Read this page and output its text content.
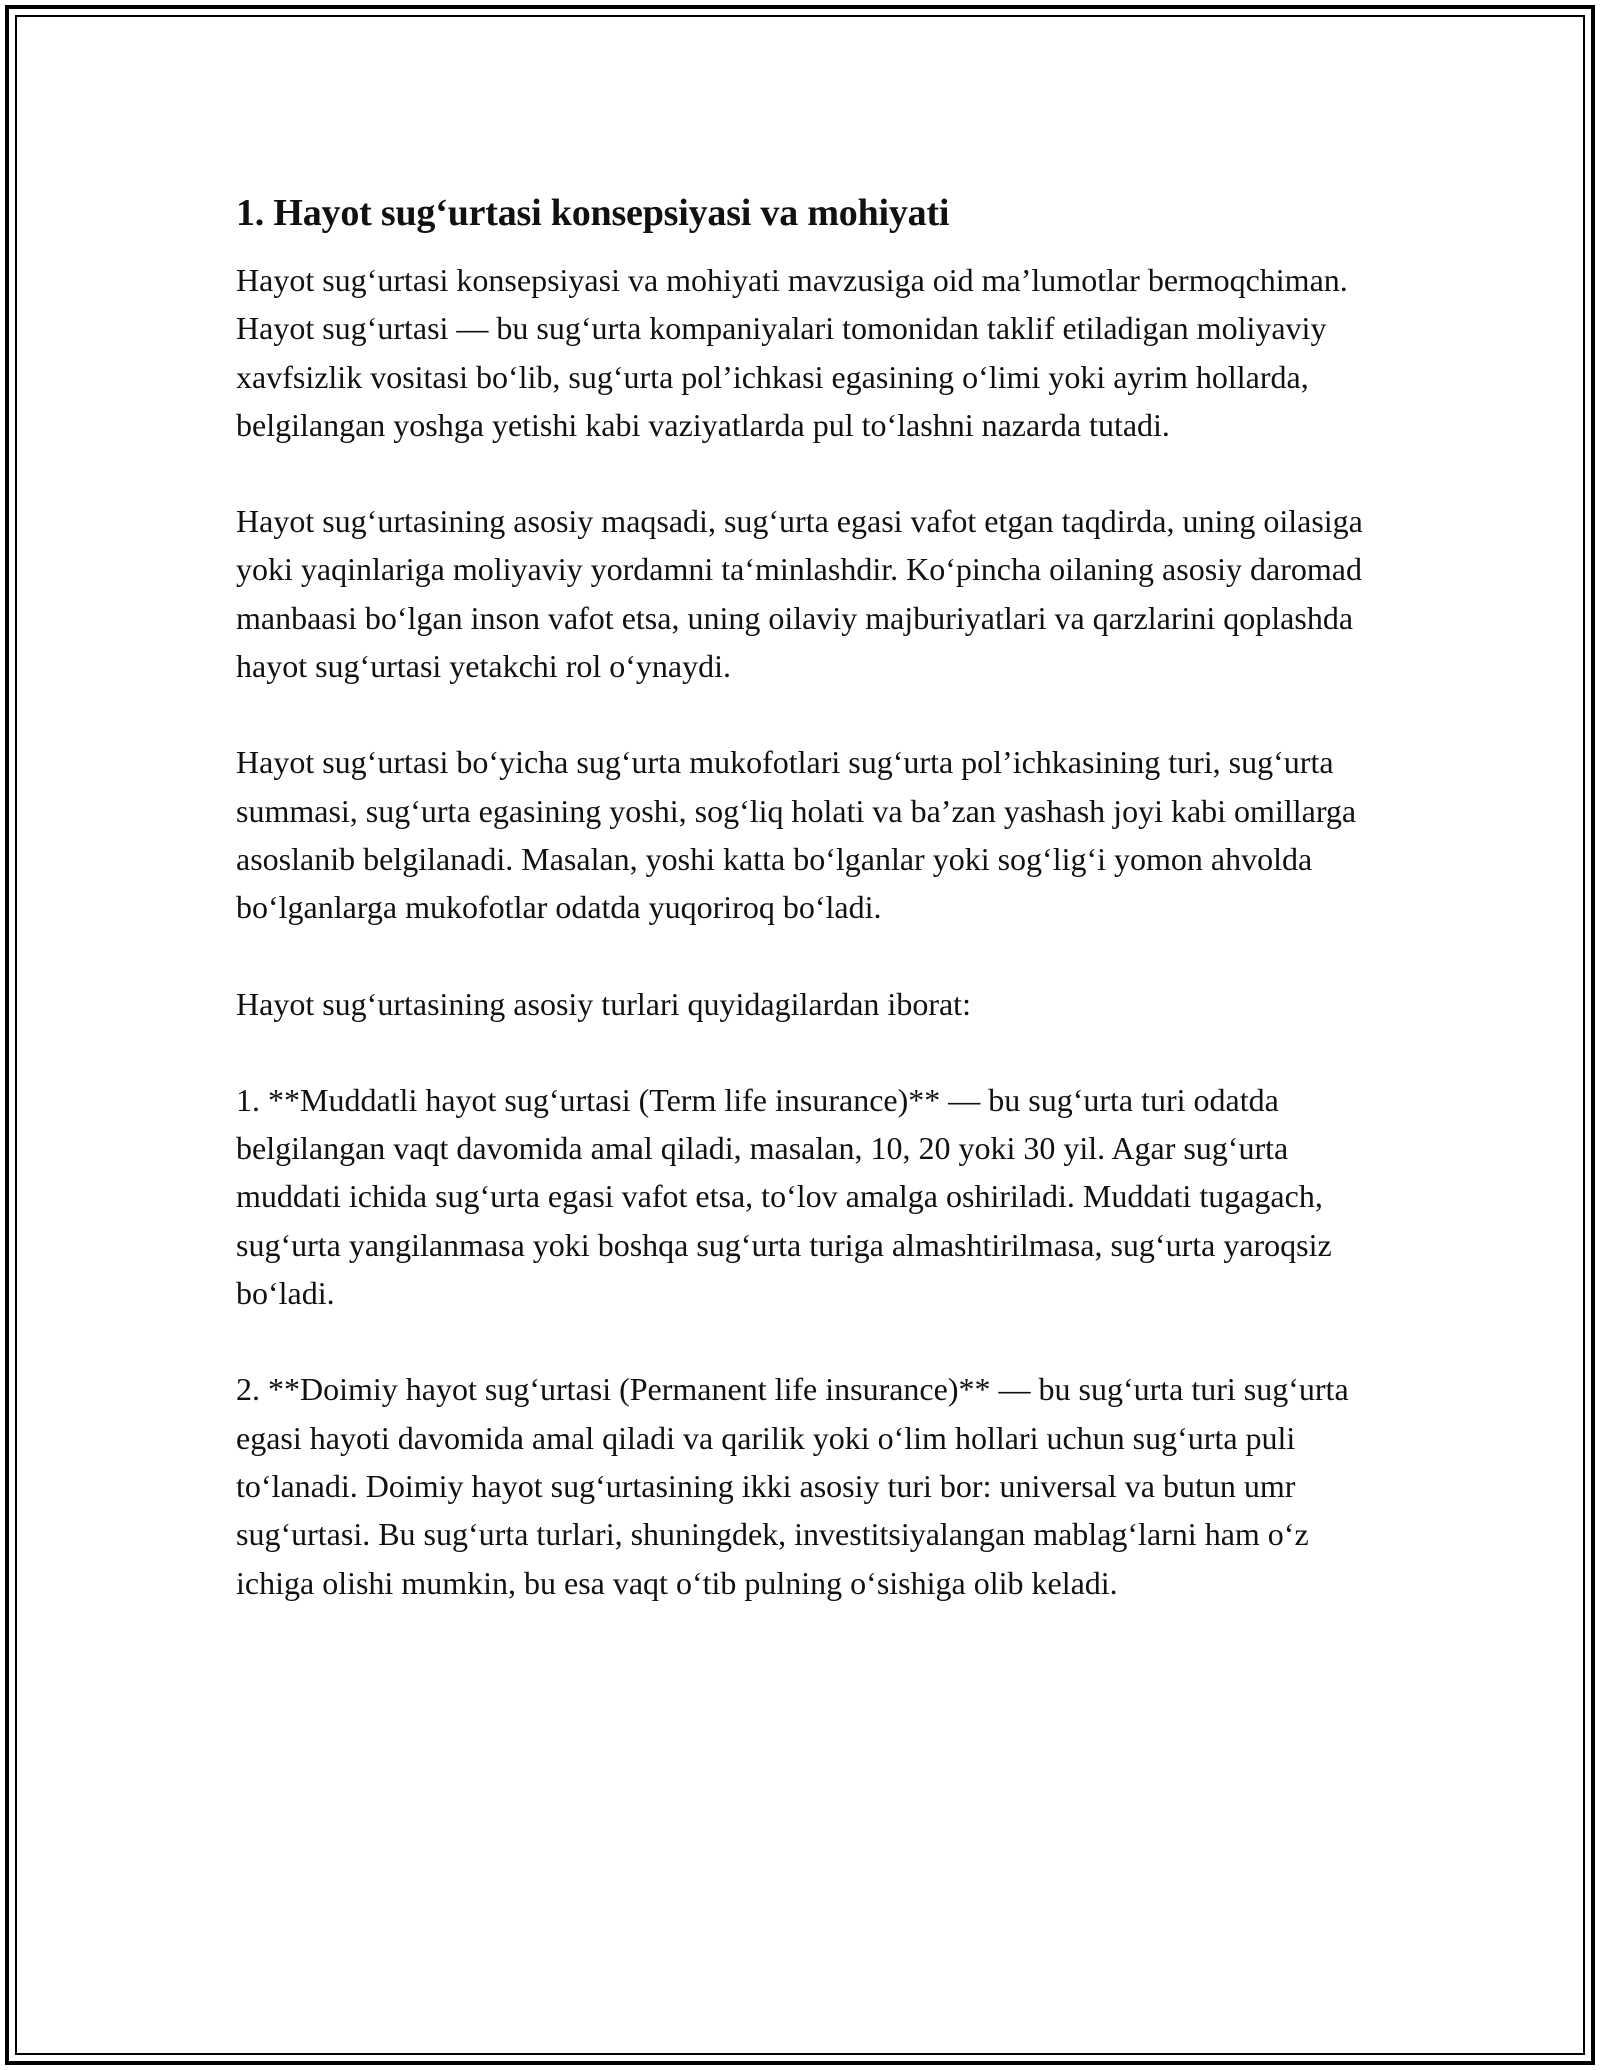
1. Hayot sug‘urtasi konsepsiyasi va mohiyati

Hayot sug‘urtasi konsepsiyasi va mohiyati mavzusiga oid ma’lumotlar bermoqchiman. Hayot sug‘urtasi — bu sug‘urta kompaniyalari tomonidan taklif etiladigan moliyaviy xavfsizlik vositasi bo‘lib, sug‘urta pol’ichkasi egasining o‘limi yoki ayrim hollarda, belgilangan yoshga yetishi kabi vaziyatlarda pul to‘lashni nazarda tutadi.

Hayot sug‘urtasining asosiy maqsadi, sug‘urta egasi vafot etgan taqdirda, uning oilasiga yoki yaqinlariga moliyaviy yordamni ta‘minlashdir. Ko‘pincha oilaning asosiy daromad manbaasi bo‘lgan inson vafot etsa, uning oilaviy majburiyatlari va qarzlarini qoplashda hayot sug‘urtasi yetakchi rol o‘ynaydi.

Hayot sug‘urtasi bo‘yicha sug‘urta mukofotlari sug‘urta pol’ichkasining turi, sug‘urta summasi, sug‘urta egasining yoshi, sog‘liq holati va ba’zan yashash joyi kabi omillarga asoslanib belgilanadi. Masalan, yoshi katta bo‘lganlar yoki sog‘lig‘i yomon ahvolda bo‘lganlarga mukofotlar odatda yuqoriroq bo‘ladi.

Hayot sug‘urtasining asosiy turlari quyidagilardan iborat:

1. **Muddatli hayot sug‘urtasi (Term life insurance)** — bu sug‘urta turi odatda belgilangan vaqt davomida amal qiladi, masalan, 10, 20 yoki 30 yil. Agar sug‘urta muddati ichida sug‘urta egasi vafot etsa, to‘lov amalga oshiriladi. Muddati tugagach, sug‘urta yangilanmasa yoki boshqa sug‘urta turiga almashtirilmasa, sug‘urta yaroqsiz bo‘ladi.

2. **Doimiy hayot sug‘urtasi (Permanent life insurance)** — bu sug‘urta turi sug‘urta egasi hayoti davomida amal qiladi va qarilik yoki o‘lim hollari uchun sug‘urta puli to‘lanadi. Doimiy hayot sug‘urtasining ikki asosiy turi bor: universal va butun umr sug‘urtasi. Bu sug‘urta turlari, shuningdek, investitsiyalangan mablag‘larni ham o‘z ichiga olishi mumkin, bu esa vaqt o‘tib pulning o‘sishiga olib keladi.
